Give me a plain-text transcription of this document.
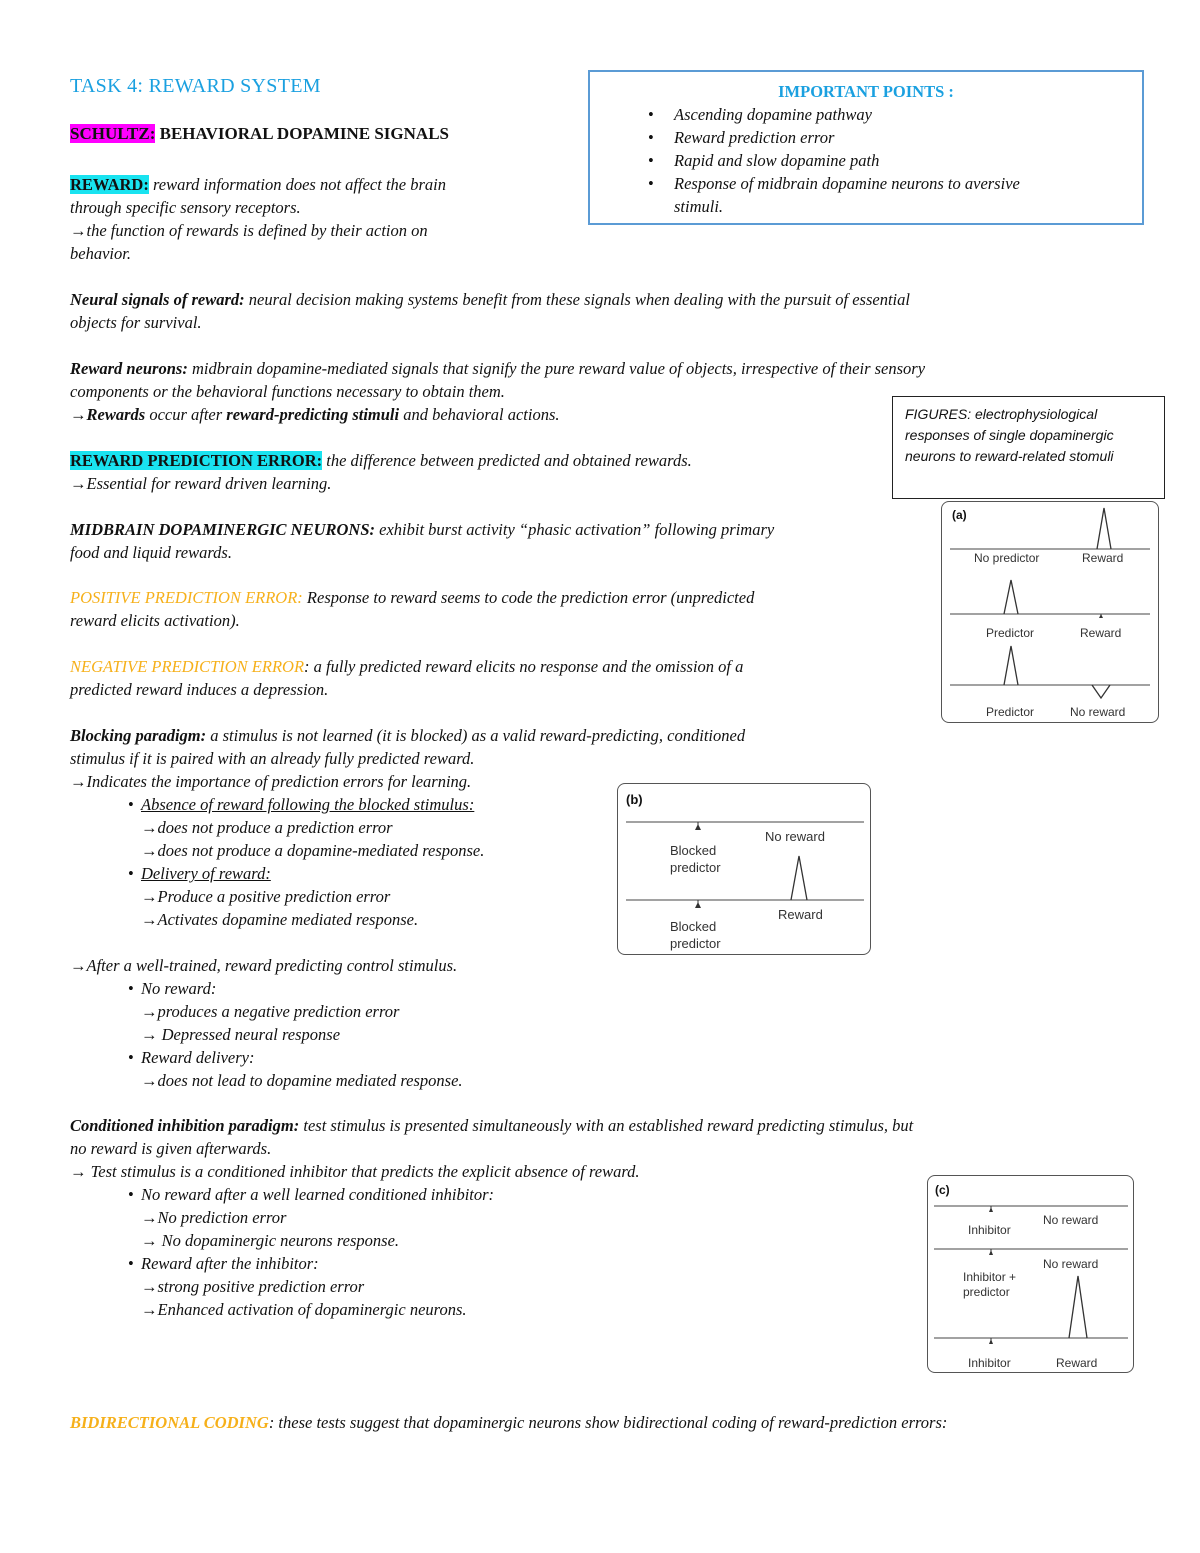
TASK 4: REWARD SYSTEM
SCHULTZ: BEHAVIORAL DOPAMINE SIGNALS
IMPORTANT POINTS :
• Ascending dopamine pathway
• Reward prediction error
• Rapid and slow dopamine path
• Response of midbrain dopamine neurons to aversive
stimuli.
REWARD: reward information does not affect the brain
through specific sensory receptors.
→the function of rewards is defined by their action on
behavior.
Neural signals of reward: neural decision making systems benefit from these signals when dealing with the pursuit of essential
objects for survival.
Reward neurons: midbrain dopamine-mediated signals that signify the pure reward value of objects, irrespective of their sensory
components or the behavioral functions necessary to obtain them.
→Rewards occur after reward-predicting stimuli and behavioral actions.	FIGURES: electrophysiological responses of single dopaminergic neurons to reward-related stomuli
REWARD PREDICTION ERROR: the difference between predicted and obtained rewards.
→Essential for reward driven learning.
MIDBRAIN DOPAMINERGIC NEURONS: exhibit burst activity “phasic activation” following primary
food and liquid rewards.
POSITIVE PREDICTION ERROR: Response to reward seems to code the prediction error (unpredicted
reward elicits activation).
NEGATIVE PREDICTION ERROR: a fully predicted reward elicits no response and the omission of a
predicted reward induces a depression.
Blocking paradigm: a stimulus is not learned (it is blocked) as a valid reward-predicting, conditioned
stimulus if it is paired with an already fully predicted reward.
→Indicates the importance of prediction errors for learning.
• Absence of reward following the blocked stimulus:
→does not produce a prediction error
→does not produce a dopamine-mediated response.
• Delivery of reward:
→Produce a positive prediction error
→Activates dopamine mediated response.
→After a well-trained, reward predicting control stimulus.
• No reward:
→produces a negative prediction error
→ Depressed neural response
• Reward delivery:
→does not lead to dopamine mediated response.
Conditioned inhibition paradigm: test stimulus is presented simultaneously with an established reward predicting stimulus, but
no reward is given afterwards.
→ Test stimulus is a conditioned inhibitor that predicts the explicit absence of reward.
• No reward after a well learned conditioned inhibitor:
→No prediction error
→ No dopaminergic neurons response.
• Reward after the inhibitor:
→strong positive prediction error
→Enhanced activation of dopaminergic neurons.
BIDIRECTIONAL CODING: these tests suggest that dopaminergic neurons show bidirectional coding of reward-prediction errors:
(a)
No predictor	Reward
Predictor	Reward
Predictor	No reward
(b)
Blocked
predictor
No reward
Blocked
predictor
Reward
(c)
Inhibitor
No reward
Inhibitor +
predictor
No reward
Inhibitor	Reward
